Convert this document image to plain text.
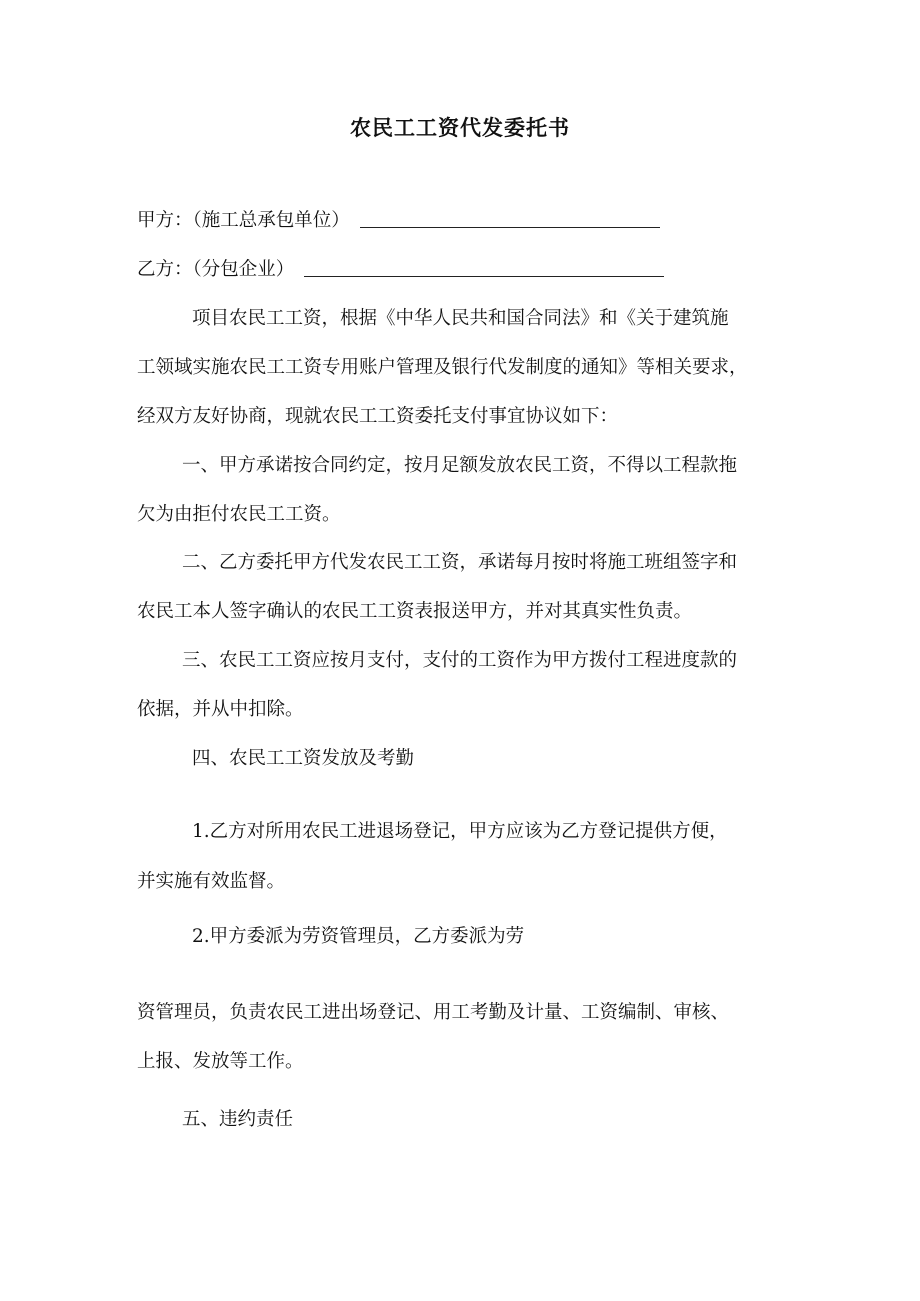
农民工工资代发委托书
甲方：（施工总承包单位）
乙方：（分包企业）
项目农民工工资，根据《中华人民共和国合同法》和《关于建筑施
工领域实施农民工工资专用账户管理及银行代发制度的通知》等相关要求，
经双方友好协商，现就农民工工资委托支付事宜协议如下：
一、甲方承诺按合同约定，按月足额发放农民工资，不得以工程款拖
欠为由拒付农民工工资。
二、乙方委托甲方代发农民工工资，承诺每月按时将施工班组签字和
农民工本人签字确认的农民工工资表报送甲方，并对其真实性负责。
三、农民工工资应按月支付，支付的工资作为甲方拨付工程进度款的
依据，并从中扣除。
四、农民工工资发放及考勤
1.乙方对所用农民工进退场登记，甲方应该为乙方登记提供方便，
并实施有效监督。
2.甲方委派为劳资管理员，乙方委派为劳
资管理员，负责农民工进出场登记、用工考勤及计量、工资编制、审核、
上报、发放等工作。
五、违约责任
